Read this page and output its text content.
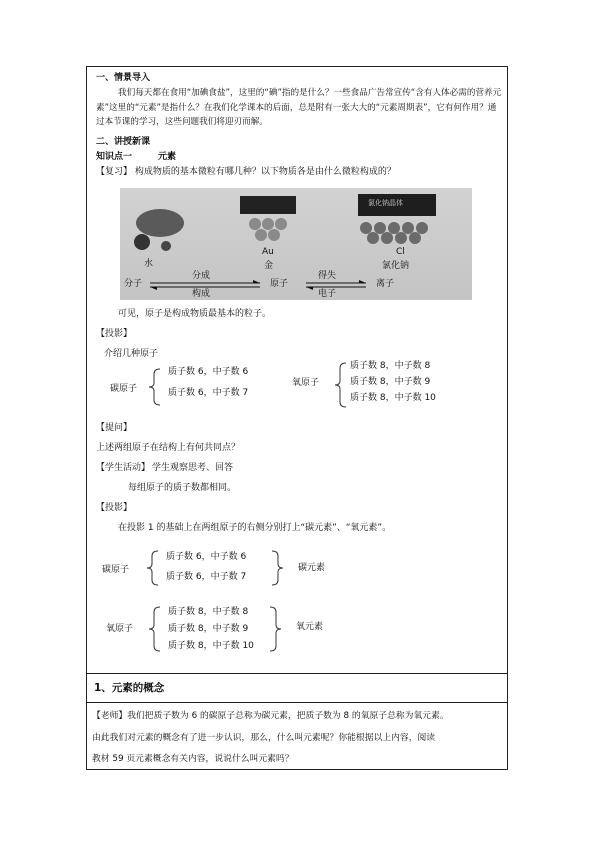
一、情景导入
我们每天都在食用“加碘食盐”，这里的“碘”指的是什么？一些食品广告常宣传“含有人体必需的营养元素”这里的“元素”是指什么？在我们化学课本的后面，总是附有一张大大的“元素周期表”，它有何作用？通过本节课的学习，这些问题我们将迎刃而解。
二、讲授新课
知识点一	元素
【复习】 构成物质的基本微粒有哪几种？以下物质各是由什么微粒构成的？
水
Au
金
Cl
氯化钠
氯化钠晶体
分子
分成
构成
原子
得失
电子
离子
可见，原子是构成物质最基本的粒子。
【投影】
介绍几种原子
碳原子
质子数 6，中子数 6
质子数 6，中子数 7
氧原子
质子数 8，中子数 8
质子数 8，中子数 9
质子数 8，中子数 10
【提问】
上述两组原子在结构上有何共同点？
【学生活动】 学生观察思考、回答
每组原子的质子数都相同。
【投影】
在投影 1 的基础上在两组原子的右侧分别打上“碳元素”、“氧元素”。
碳原子
质子数 6，中子数 6
质子数 6，中子数 7
碳元素
氧原子
质子数 8，中子数 8
质子数 8，中子数 9
质子数 8，中子数 10
氧元素
1、元素的概念
【老师】我们把质子数为 6 的碳原子总称为碳元素，把质子数为 8 的氧原子总称为氧元素。
由此我们对元素的概念有了进一步认识，那么，什么叫元素呢？你能根据以上内容，阅读
教材 59 页元素概念有关内容，说说什么叫元素吗？
